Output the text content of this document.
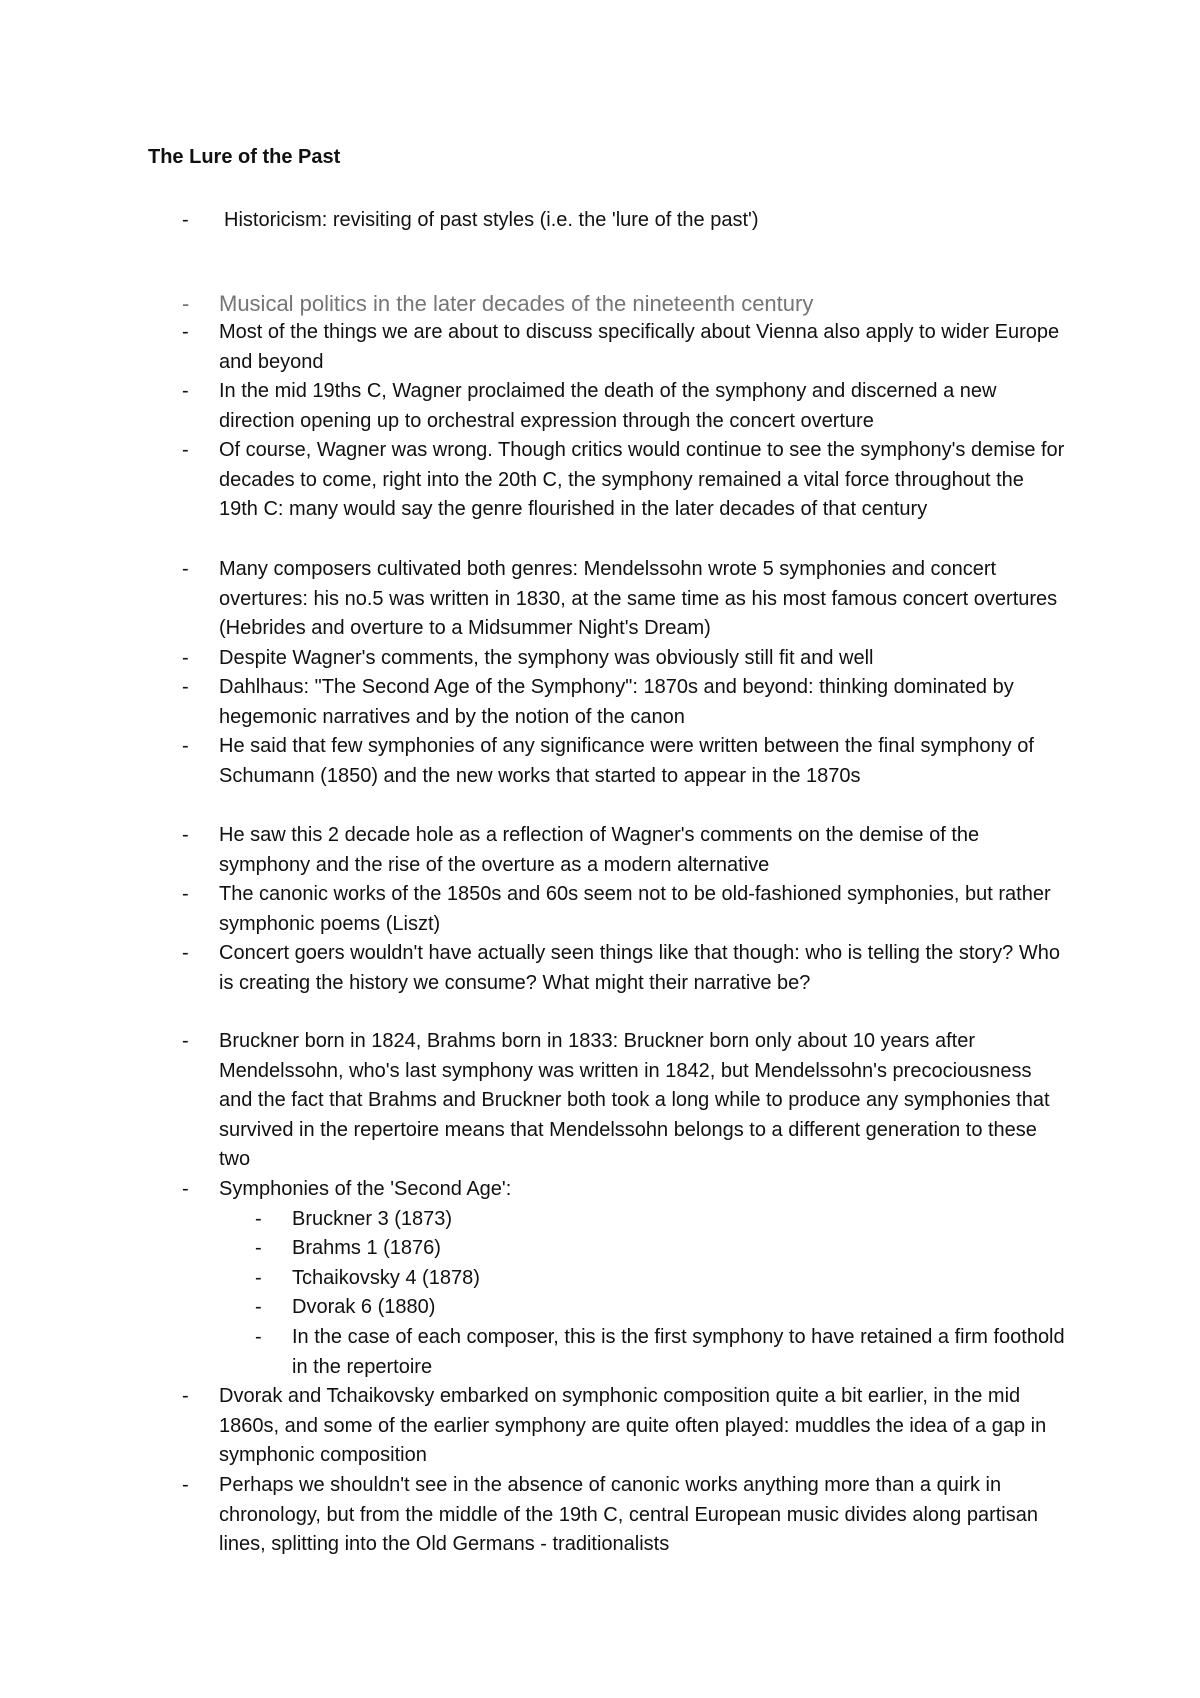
The Lure of the Past
- Historicism: revisiting of past styles (i.e. the 'lure of the past')
- Musical politics in the later decades of the nineteenth century
- Most of the things we are about to discuss specifically about Vienna also apply to wider Europe and beyond
- In the mid 19ths C, Wagner proclaimed the death of the symphony and discerned a new direction opening up to orchestral expression through the concert overture
- Of course, Wagner was wrong. Though critics would continue to see the symphony's demise for decades to come, right into the 20th C, the symphony remained a vital force throughout the 19th C: many would say the genre flourished in the later decades of that century
- Many composers cultivated both genres: Mendelssohn wrote 5 symphonies and concert overtures: his no.5 was written in 1830, at the same time as his most famous concert overtures (Hebrides and overture to a Midsummer Night's Dream)
- Despite Wagner's comments, the symphony was obviously still fit and well
- Dahlhaus: "The Second Age of the Symphony": 1870s and beyond: thinking dominated by hegemonic narratives and by the notion of the canon
- He said that few symphonies of any significance were written between the final symphony of Schumann (1850) and the new works that started to appear in the 1870s
- He saw this 2 decade hole as a reflection of Wagner's comments on the demise of the symphony and the rise of the overture as a modern alternative
- The canonic works of the 1850s and 60s seem not to be old-fashioned symphonies, but rather symphonic poems (Liszt)
- Concert goers wouldn't have actually seen things like that though: who is telling the story? Who is creating the history we consume? What might their narrative be?
- Bruckner born in 1824, Brahms born in 1833: Bruckner born only about 10 years after Mendelssohn, who's last symphony was written in 1842, but Mendelssohn's precociousness and the fact that Brahms and Bruckner both took a long while to produce any symphonies that survived in the repertoire means that Mendelssohn belongs to a different generation to these two
- Symphonies of the 'Second Age':
- Bruckner 3 (1873)
- Brahms 1 (1876)
- Tchaikovsky 4 (1878)
- Dvorak 6 (1880)
- In the case of each composer, this is the first symphony to have retained a firm foothold in the repertoire
- Dvorak and Tchaikovsky embarked on symphonic composition quite a bit earlier, in the mid 1860s, and some of the earlier symphony are quite often played: muddles the idea of a gap in symphonic composition
- Perhaps we shouldn't see in the absence of canonic works anything more than a quirk in chronology, but from the middle of the 19th C, central European music divides along partisan lines, splitting into the Old Germans - traditionalists
